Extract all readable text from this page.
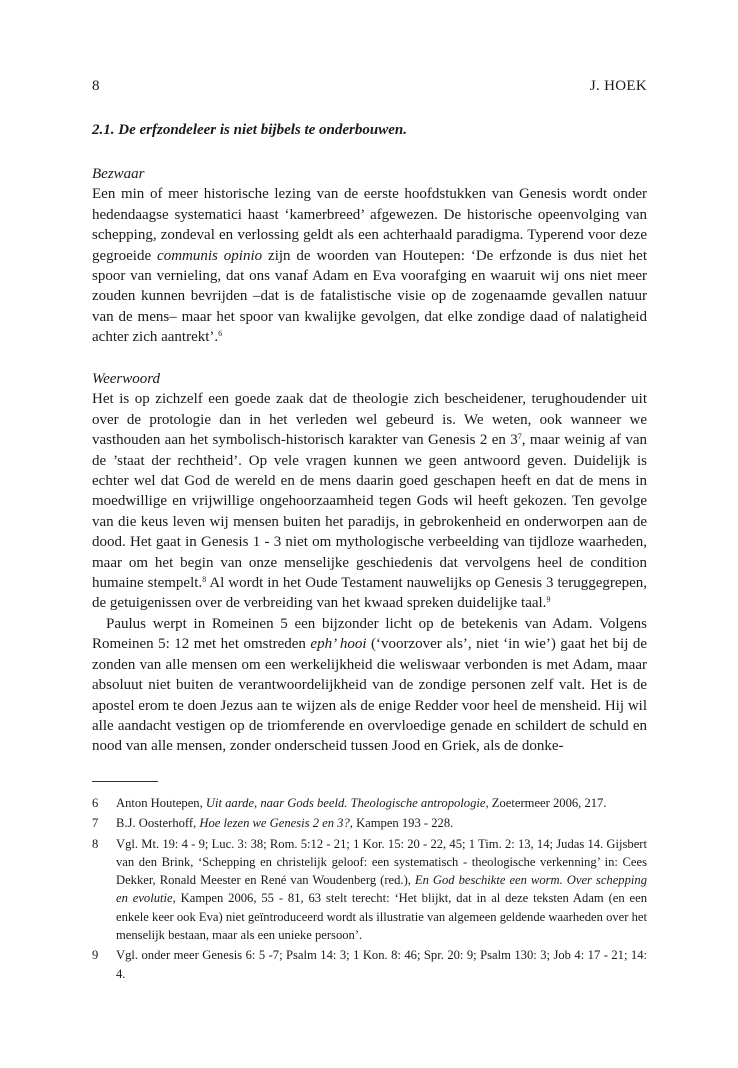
8	J. HOEK
2.1. De erfzondeleer is niet bijbels te onderbouwen.

Bezwaar

Een min of meer historische lezing van de eerste hoofdstukken van Genesis wordt onder hedendaagse systematici haast ‘kamerbreed’ afgewezen. De historische opeenvolging van schepping, zondeval en verlossing geldt als een achterhaald paradigma. Typerend voor deze gegroeide communis opinio zijn de woorden van Houtepen: ‘De erfzonde is dus niet het spoor van vernieling, dat ons vanaf Adam en Eva voorafging en waaruit wij ons niet meer zouden kunnen bevrijden –dat is de fatalistische visie op de zogenaamde gevallen natuur van de mens– maar het spoor van kwalijke gevolgen, dat elke zondige daad of nalatigheid achter zich aantrekt’.$^6$

Weerwoord

Het is op zichzelf een goede zaak dat de theologie zich bescheidener, terughoudender uit over de protologie dan in het verleden wel gebeurd is. We weten, ook wanneer we vasthouden aan het symbolisch-historisch karakter van Genesis 2 en $3^7$, maar weinig af van de ’staat der rechtheid’. Op vele vragen kunnen we geen antwoord geven. Duidelijk is echter wel dat God de wereld en de mens daarin goed geschapen heeft en dat de mens in moedwillige en vrijwillige ongehoorzaamheid tegen Gods wil heeft gekozen. Ten gevolge van die keus leven wij mensen buiten het paradijs, in gebrokenheid en onderworpen aan de dood. Het gaat in Genesis 1 - 3 niet om mythologische verbeelding van tijdloze waarheden, maar om het begin van onze menselijke geschiedenis dat vervolgens heel de condition humaine stempelt.$^8$ Al wordt in het Oude Testament nauwelijks op Genesis 3 teruggegrepen, de getuigenissen over de verbreiding van het kwaad spreken duidelijke taal.$^9$

Paulus werpt in Romeinen 5 een bijzonder licht op de betekenis van Adam. Volgens Romeinen 5: 12 met het omstreden eph’ hooi (‘voorzover als’, niet ‘in wie’) gaat het bij de zonden van alle mensen om een werkelijkheid die weliswaar verbonden is met Adam, maar absoluut niet buiten de verantwoordelijkheid van de zondige personen zelf valt. Het is de apostel erom te doen Jezus aan te wijzen als de enige Redder voor heel de mensheid. Hij wil alle aandacht vestigen op de triomferende en overvloedige genade en schildert de schuld en nood van alle mensen, zonder onderscheid tussen Jood en Griek, als de donke-

6 Anton Houtepen, Uit aarde, naar Gods beeld. Theologische antropologie, Zoetermeer 2006, 217.
7 B.J. Oosterhoff, Hoe lezen we Genesis 2 en 3?, Kampen 193 - 228.
8 Vgl. Mt. 19: 4 - 9; Luc. 3: 38; Rom. 5:12 - 21; 1 Kor. 15: 20 - 22, 45; 1 Tim. 2: 13, 14; Judas 14. Gijsbert van den Brink, ‘Schepping en christelijk geloof: een systematisch - theologische verkenning’ in: Cees Dekker, Ronald Meester en René van Woudenberg (red.), En God beschikte een worm. Over schepping en evolutie, Kampen 2006, 55 - 81, 63 stelt terecht: ‘Het blijkt, dat in al deze teksten Adam (en een enkele keer ook Eva) niet geïntroduceerd wordt als illustratie van algemeen geldende waarheden over het menselijk bestaan, maar als een unieke persoon’.
9 Vgl. onder meer Genesis 6: 5 -7; Psalm 14: 3; 1 Kon. 8: 46; Spr. 20: 9; Psalm 130: 3; Job 4: 17 - 21; 14: 4.
